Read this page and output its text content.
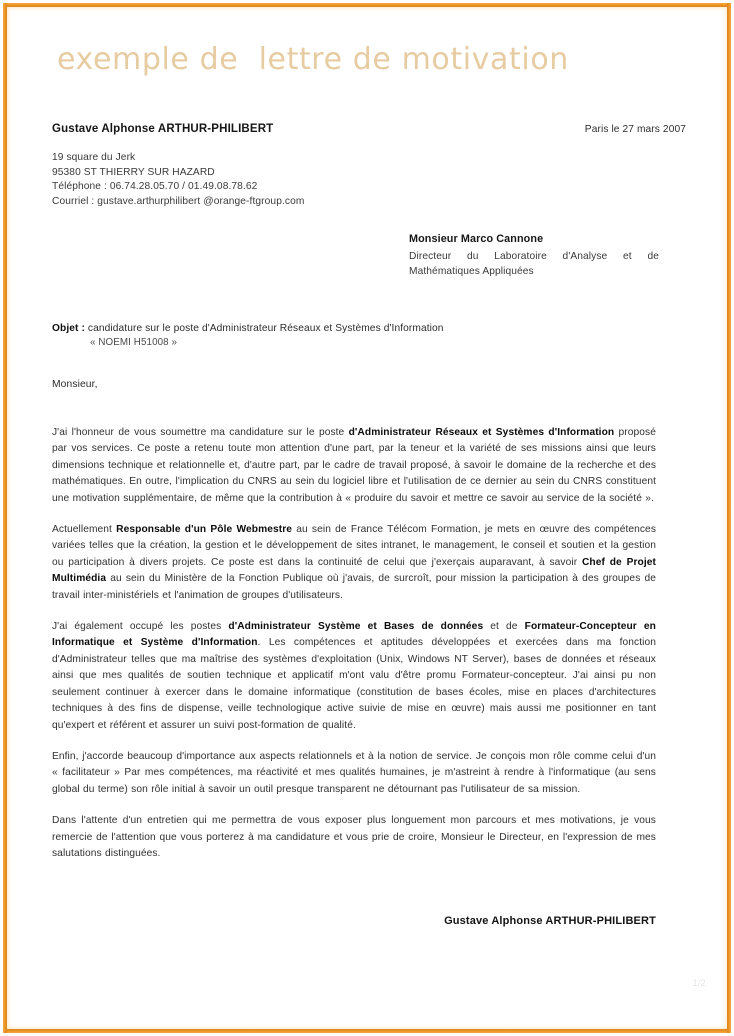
exemple de  lettre de motivation
Gustave Alphonse ARTHUR-PHILIBERT
19 square du Jerk
95380 ST THIERRY SUR HAZARD
Téléphone : 06.74.28.05.70 / 01.49.08.78.62
Courriel : gustave.arthurphilibert @orange-ftgroup.com
Paris le 27 mars 2007
Monsieur Marco Cannone
Directeur du Laboratoire d'Analyse et de Mathématiques Appliquées
Objet : candidature sur le poste d'Administrateur Réseaux et Systèmes d'Information
« NOEMI H51008 »
Monsieur,

J'ai l'honneur de vous soumettre ma candidature sur le poste d'Administrateur Réseaux et Systèmes d'Information proposé par vos services. Ce poste a retenu toute mon attention d'une part, par la teneur et la variété de ses missions ainsi que leurs dimensions technique et relationnelle et, d'autre part, par le cadre de travail proposé, à savoir le domaine de la recherche et des mathématiques. En outre, l'implication du CNRS au sein du logiciel libre et l'utilisation de ce dernier au sein du CNRS constituent une motivation supplémentaire, de même que la contribution à « produire du savoir et mettre ce savoir au service de la société ».

Actuellement Responsable d'un Pôle Webmestre au sein de France Télécom Formation, je mets en œuvre des compétences variées telles que la création, la gestion et le développement de sites intranet, le management, le conseil et soutien et la gestion ou participation à divers projets. Ce poste est dans la continuité de celui que j'exerçais auparavant, à savoir Chef de Projet Multimédia au sein du Ministère de la Fonction Publique où j'avais, de surcroît, pour mission la participation à des groupes de travail inter-ministériels et l'animation de groupes d'utilisateurs.

J'ai également occupé les postes d'Administrateur Système et Bases de données et de Formateur-Concepteur en Informatique et Système d'Information. Les compétences et aptitudes développées et exercées dans ma fonction d'Administrateur telles que ma maîtrise des systèmes d'exploitation (Unix, Windows NT Server), bases de données et réseaux ainsi que mes qualités de soutien technique et applicatif m'ont valu d'être promu Formateur-concepteur. J'ai ainsi pu non seulement continuer à exercer dans le domaine informatique (constitution de bases écoles, mise en places d'architectures techniques à des fins de dispense, veille technologique active suivie de mise en œuvre) mais aussi me positionner en tant qu'expert et référent et assurer un suivi post-formation de qualité.

Enfin, j'accorde beaucoup d'importance aux aspects relationnels et à la notion de service. Je conçois mon rôle comme celui d'un « facilitateur » Par mes compétences, ma réactivité et mes qualités humaines, je m'astreint à rendre à l'informatique (au sens global du terme) son rôle initial à savoir un outil presque transparent ne détournant pas l'utilisateur de sa mission.

Dans l'attente d'un entretien qui me permettra de vous exposer plus longuement mon parcours et mes motivations, je vous remercie de l'attention que vous porterez à ma candidature et vous prie de croire, Monsieur le Directeur, en l'expression de mes salutations distinguées.

Gustave Alphonse ARTHUR-PHILIBERT
1/2
